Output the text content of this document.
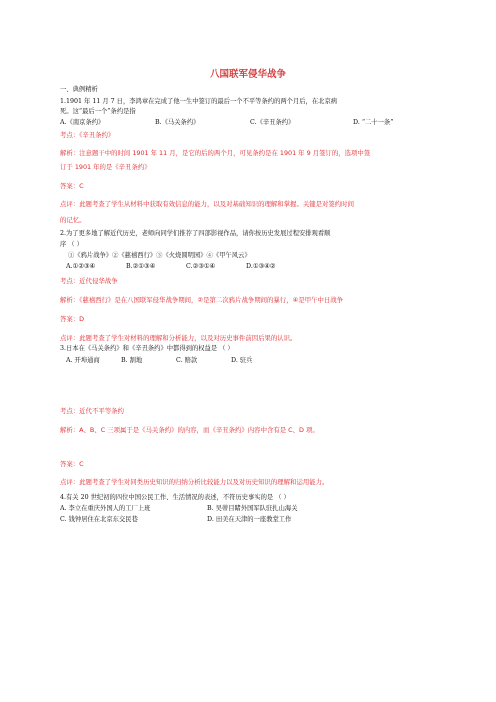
八国联军侵华战争
一、典例精析
1.1901 年 11 月 7 日，李鸿章在完成了他一生中签订的最后一个不平等条约的两个月后，在北京病
死。这“最后一个”条约是指
A.《南京条约》	B.《马关条约》	C.《辛丑条约》	D. “二十一条”
考点：《辛丑条约》
解析：注意题干中的时间 1901 年 11 月，是它的后的两个月，可见条约是在 1901 年 9 月签订的，选项中签
订于 1901 年的是《辛丑条约》
答案：C
点评：此题考查了学生从材料中获取有效信息的能力，以及对基础知识的理解和掌握。关键是对签约时间
的记忆。
2.为了更多地了解近代历史，老师向同学们推荐了四部影视作品，请你按历史发展过程安排观看顺
序 （ ）
①《鸦片战争》②《慈禧西行》③《火烧圆明园》④《甲午风云》
A.①②③④	B.②①③④	C.②③①④	D.①③④②
考点：近代侵华战争
解析：《慈禧西行》是在八国联军侵华战争期间，②是第二次鸦片战争期间的暴行，④是甲午中日战争
答案：D
点评：此题考查了学生对材料的理解和分析能力，以及对历史事件前因后果的认识。
3.日本在《马关条约》和《辛丑条约》中都得到的权益是 （ ）
A. 开埠通商	B. 割地	C. 赔款	D. 驻兵
考点：近代不平等条约
解析：A、B、C 三项属于是《马关条约》的内容，而《辛丑条约》内容中含有是 C、D 项。
答案：C
点评：此题考查了学生对同类历史知识的归纳分析比较能力以及对历史知识的理解和运用能力。
4.有关 20 世纪初的四位中国公民工作、生活情况的表述，不符历史事实的是 （ ）
A. 李立在重庆外国人的工厂上班	B. 吴蒂目睹外国军队驻扎山海关
C. 钱钟居住在北京东交民巷	D. 田美在天津的一座教堂工作
